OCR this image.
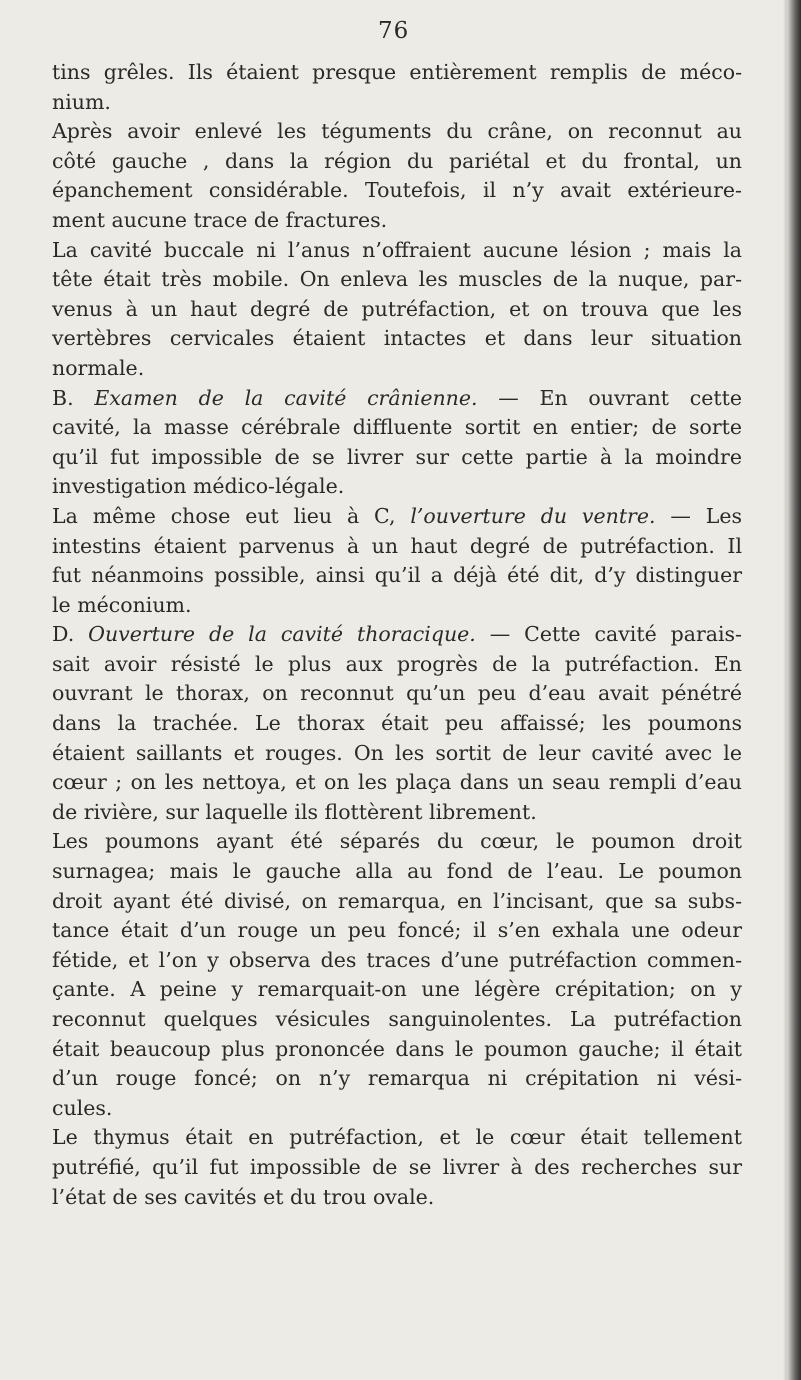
76
tins grêles. Ils étaient presque entièrement remplis de méco-
nium.
Après avoir enlevé les téguments du crâne, on reconnut au
côté gauche , dans la région du pariétal et du frontal, un
épanchement considérable. Toutefois, il n’y avait extérieure-
ment aucune trace de fractures.
La cavité buccale ni l’anus n’offraient aucune lésion ; mais la
tête était très mobile. On enleva les muscles de la nuque, par-
venus à un haut degré de putréfaction, et on trouva que les
vertèbres cervicales étaient intactes et dans leur situation
normale.
B. Examen de la cavité crânienne. — En ouvrant cette
cavité, la masse cérébrale diffluente sortit en entier; de sorte
qu’il fut impossible de se livrer sur cette partie à la moindre
investigation médico-légale.
La même chose eut lieu à C, l’ouverture du ventre. — Les
intestins étaient parvenus à un haut degré de putréfaction. Il
fut néanmoins possible, ainsi qu’il a déjà été dit, d’y distinguer
le méconium.
D. Ouverture de la cavité thoracique. — Cette cavité parais-
sait avoir résisté le plus aux progrès de la putréfaction. En
ouvrant le thorax, on reconnut qu’un peu d’eau avait pénétré
dans la trachée. Le thorax était peu affaissé; les poumons
étaient saillants et rouges. On les sortit de leur cavité avec le
cœur ; on les nettoya, et on les plaça dans un seau rempli d’eau
de rivière, sur laquelle ils flottèrent librement.
Les poumons ayant été séparés du cœur, le poumon droit
surnagea; mais le gauche alla au fond de l’eau. Le poumon
droit ayant été divisé, on remarqua, en l’incisant, que sa subs-
tance était d’un rouge un peu foncé; il s’en exhala une odeur
fétide, et l’on y observa des traces d’une putréfaction commen-
çante. A peine y remarquait-on une légère crépitation; on y
reconnut quelques vésicules sanguinolentes. La putréfaction
était beaucoup plus prononcée dans le poumon gauche; il était
d’un rouge foncé; on n’y remarqua ni crépitation ni vési-
cules.
Le thymus était en putréfaction, et le cœur était tellement
putréfié, qu’il fut impossible de se livrer à des recherches sur
l’état de ses cavités et du trou ovale.
